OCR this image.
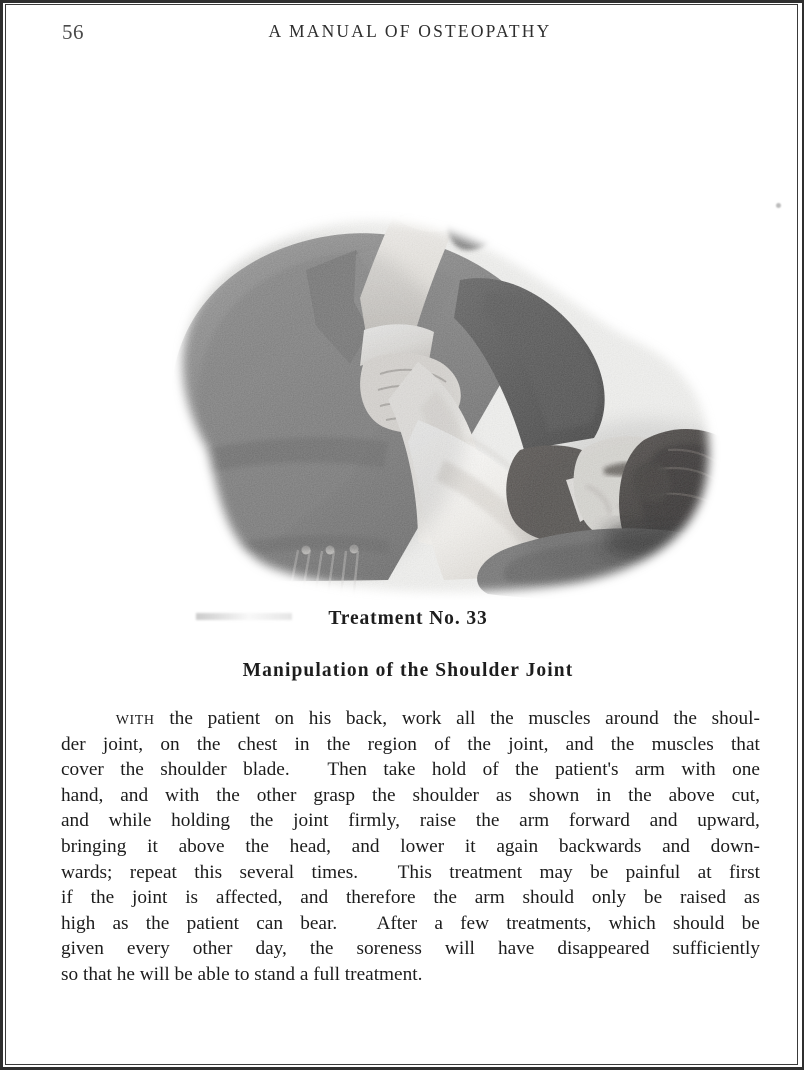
56	A MANUAL OF OSTEOPATHY
Treatment No. 33
Manipulation of the Shoulder Joint
with the patient on his back, work all the muscles around the shoul-
der joint, on the chest in the region of the joint, and the muscles that
cover the shoulder blade.
Then take hold of the patient's arm with one
hand, and with the other grasp the shoulder as shown in the above cut,
and while holding the joint firmly, raise the arm forward and upward,
bringing it above the head, and lower it again backwards and down-
wards; repeat this several times.
This treatment may be painful at first
if the joint is affected, and therefore the arm should only be raised as
high as the patient can bear.
After a few treatments, which should be
given every other day, the soreness will have disappeared sufficiently
so that he will be able to stand a full treatment.
